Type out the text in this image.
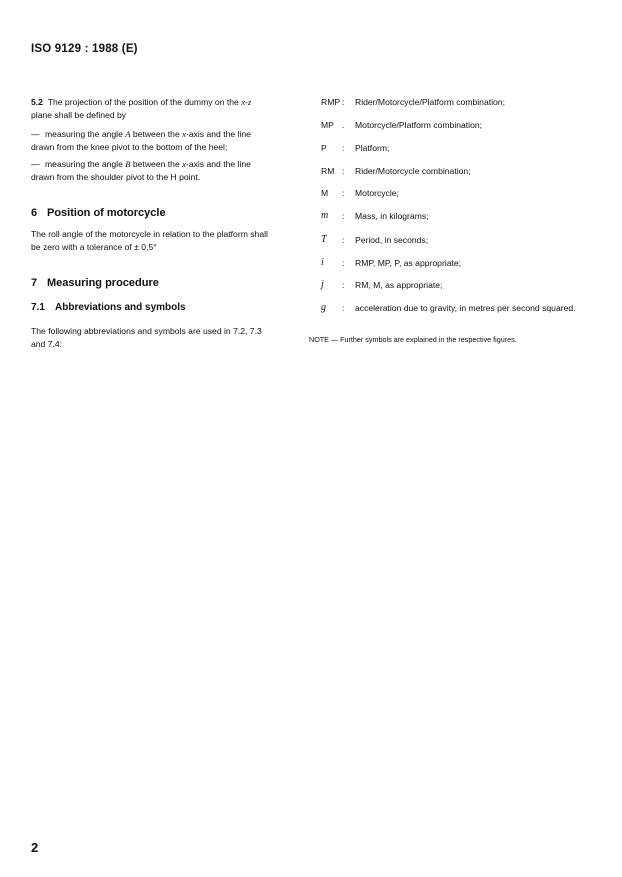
ISO 9129 : 1988 (E)
5.2 The projection of the position of the dummy on the x-z
plane shall be defined by
— measuring the angle A between the x-axis and the line
drawn from the knee pivot to the bottom of the heel;
— measuring the angle B between the x-axis and the line
drawn from the shoulder pivot to the H point.
6 Position of motorcycle
The roll angle of the motorcycle in relation to the platform shall
be zero with a tolerance of ± 0,5°
7 Measuring procedure
7.1 Abbreviations and symbols
The following abbreviations and symbols are used in 7.2, 7.3
and 7.4:
RMP : Rider/Motorcycle/Platform combination;
MP . Motorcycle/Platform combination;
P	: Platform;
RM : Rider/Motorcycle combination;
M	: Motorcycle;
m	: Mass, in kilograms;
T	: Period, in seconds;
i	: RMP, MP, P, as appropriate;
j	: RM, M, as appropriate;
g	: acceleration due to gravity, in metres per second squared.
NOTE — Further symbols are explained in the respective figures.
2
